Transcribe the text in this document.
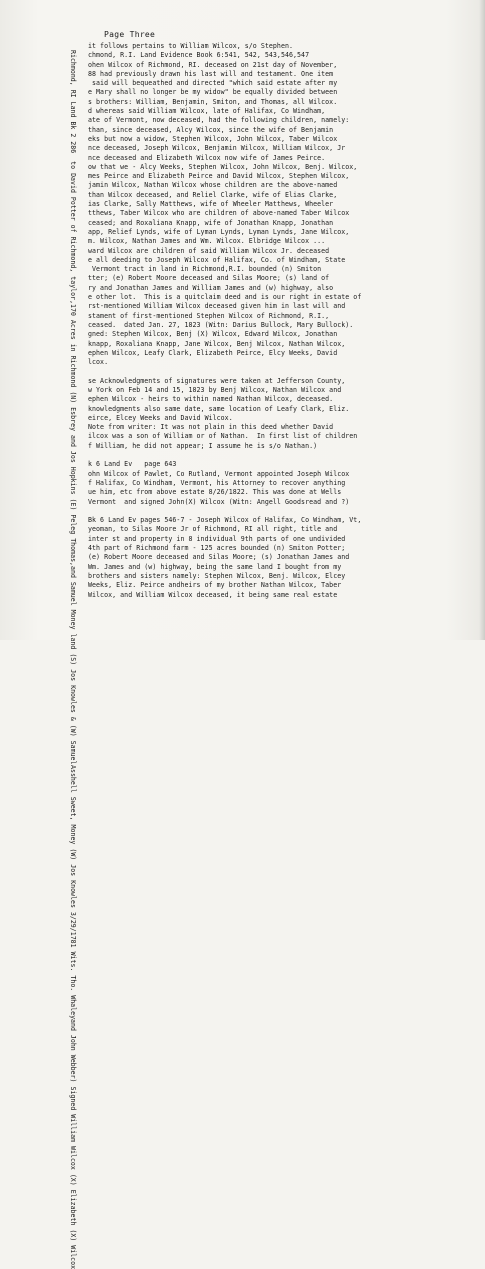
Page Three
Richmond, RI Land Bk 2 286  to David Potter of Richmond, taylor,170 Acres in Richmond (N) Esbrey and Jos Hopkins (E) Peleg Thomas,and Samuel Money land (S) Jos Knowles & (W) SamuelAsshell Sweet, Money (W) Jos Knowles 3/29/1781 Wits. Tho. Whaleyand John Webber) Signed William Wilcox (X) Elizabeth (X) Wilcox
it follows pertains to William Wilcox, s/o Stephen.
chmond, R.I. Land Evidence Book 6:541, 542, 543,546,547
ohen Wilcox of Richmond, RI. deceased on 21st day of November,
88 had previously drawn his last will and testament. One item
said will bequeathed and directed "which said estate after my
e Mary shall no longer be my widow" be equally divided between
s brothers: William, Benjamin, Smiton, and Thomas, all Wilcox.
d whereas said William Wilcox, late of Halifax, Co Windham,
ate of Vermont, now deceased, had the following children, namely:
than, since deceased, Alcy Wilcox, since the wife of Benjamin
eks but now a widow, Stephen Wilcox, John Wilcox, Taber Wilcox
nce deceased, Joseph Wilcox, Benjamin Wilcox, William Wilcox, Jr
nce deceased and Elizabeth Wilcox now wife of James Peirce.
ow that we - Alcy Weeks, Stephen Wilcox, John Wilcox, Benj. Wilcox,
mes Peirce and Elizabeth Peirce and David Wilcox, Stephen Wilcox,
jamin Wilcox, Nathan Wilcox whose children are the above-named
than Wilcox deceased, and Reliel Clarke, wife of Elias Clarke,
ias Clarke, Sally Matthews, wife of Wheeler Matthews, Wheeler
tthews, Taber Wilcox who are children of above-named Taber Wilcox
ceased; and Roxaliana Knapp, wife of Jonathan Knapp, Jonathan
app, Relief Lynds, wife of Lyman Lynds, Lyman Lynds, Jane Wilcox,
m. Wilcox, Nathan James and Wm. Wilcox. Elbridge Wilcox ...
ward Wilcox are children of said William Wilcox Jr. deceased
e all deeding to Joseph Wilcox of Halifax, Co. of Windham, State
Vermont tract in land in Richmond,R.I. bounded (n) Smiton
tter; (e) Robert Moore deceased and Silas Moore; (s) land of
ry and Jonathan James and William James and (w) highway, also
e other lot.  This is a quitclaim deed and is our right in estate of
rst-mentioned William Wilcox deceased given him in last will and
stament of first-mentioned Stephen Wilcox of Richmond, R.I.,
ceased.  dated Jan. 27, 1823 (Witn: Darius Bullock, Mary Bullock).
gned: Stephen Wilcox, Benj (X) Wilcox, Edward Wilcox, Jonathan
knapp, Roxaliana Knapp, Jane Wilcox, Benj Wilcox, Nathan Wilcox,
ephen Wilcox, Leafy Clark, Elizabeth Peirce, Elcy Weeks, David
lcox.
se Acknowledgments of signatures were taken at Jefferson County,
w York on Feb 14 and 15, 1823 by Benj Wilcox, Nathan Wilcox and
ephen Wilcox - heirs to within named Nathan Wilcox, deceased.
knowledgments also same date, same location of Leafy Clark, Eliz.
eirce, Elcey Weeks and David Wilcox.
Note from writer: It was not plain in this deed whether David
ilcox was a son of William or of Nathan.  In first list of children
f William, he did not appear; I assume he is s/o Nathan.)
k 6 Land Ev   page 643
ohn Wilcox of Pawlet, Co Rutland, Vermont appointed Joseph Wilcox
f Halifax, Co Windham, Vermont, his Attorney to recover anything
ue him, etc from above estate 8/26/1822. This was done at Wells
Vermont  and signed John(X) Wilcox (Witn: Angell Goodsread and ?)
Bk 6 Land Ev pages 546-7 - Joseph Wilcox of Halifax, Co Windham, Vt,
yeoman, to Silas Moore Jr of Richmond, RI all right, title and
inter st and property in 8 individual 9th parts of one undivided
4th part of Richmond farm - 125 acres bounded (n) Smiton Potter;
(e) Robert Moore deceased and Silas Moore; (s) Jonathan James and
Wm. James and (w) highway, being the same land I bought from my
brothers and sisters namely: Stephen Wilcox, Benj. Wilcox, Elcey
Weeks, Eliz. Peirce andheirs of my brother Nathan Wilcox, Taber
Wilcox, and William Wilcox deceased, it being same real estate
